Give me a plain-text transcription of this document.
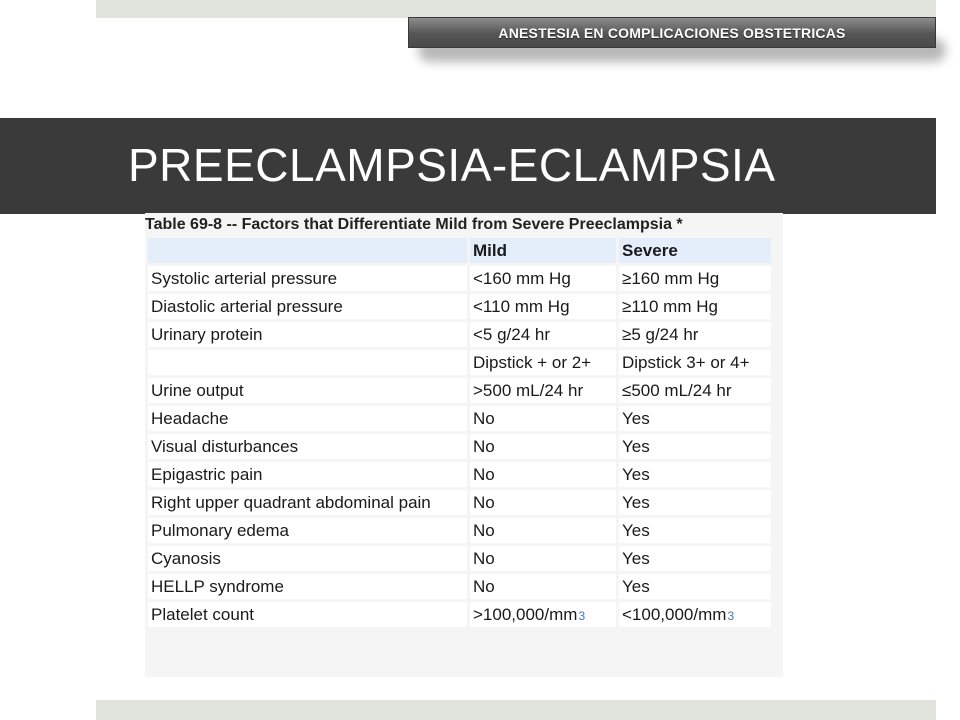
ANESTESIA EN COMPLICACIONES OBSTETRICAS
PREECLAMPSIA-ECLAMPSIA
Table 69-8 -- Factors that Differentiate Mild from Severe Preeclampsia *
	Mild	Severe
Systolic arterial pressure	<160 mm Hg	≥160 mm Hg
Diastolic arterial pressure	<110 mm Hg	≥110 mm Hg
Urinary protein	<5 g/24 hr	≥5 g/24 hr
	Dipstick + or 2+	Dipstick 3+ or 4+
Urine output	>500 mL/24 hr	≤500 mL/24 hr
Headache	No	Yes
Visual disturbances	No	Yes
Epigastric pain	No	Yes
Right upper quadrant abdominal pain	No	Yes
Pulmonary edema	No	Yes
Cyanosis	No	Yes
HELLP syndrome	No	Yes
Platelet count	>100,000/mm3	<100,000/mm3
